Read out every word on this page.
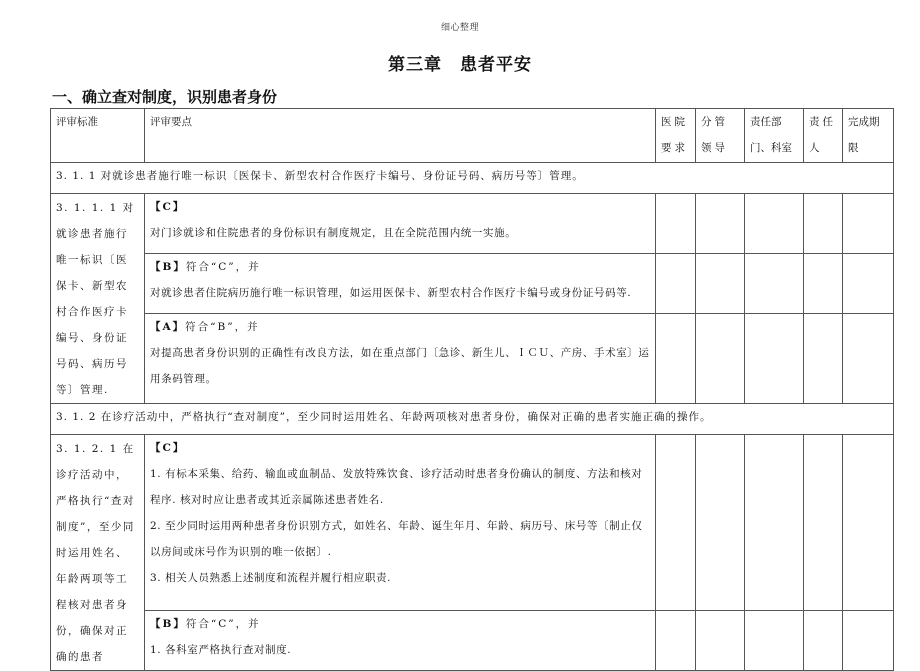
细心整理
第三章　患者平安
一、确立查对制度，识别患者身份
评审标准	评审要点	医院要求	分管领导	责任部门、科室	责任人	完成期限
3. 1. 1 对就诊患者施行唯一标识〔医保卡、新型农村合作医疗卡编号、身份证号码、病历号等〕管理。						
3. 1. 1. 1 对就诊患者施行唯一标识〔医保卡、新型农村合作医疗卡编号、身份证号码、病历号等〕管理.	【C】
对门诊就诊和住院患者的身份标识有制度规定，且在全院范围内统一实施。					

	【B】符合“C”，并
对就诊患者住院病历施行唯一标识管理，如运用医保卡、新型农村合作医疗卡编号或身份证号码等.					

	【A】符合“B”，并
对提高患者身份识别的正确性有改良方法，如在重点部门〔急诊、新生儿、ＩＣＵ、产房、手术室〕运用条码管理。					

3. 1. 2 在诊疗活动中，严格执行“查对制度”，至少同时运用姓名、年龄两项核对患者身份，确保对正确的患者实施正确的操作。						
3. 1. 2. 1 在诊疗活动中，严格执行“查对制度”，至少同时运用姓名、年龄两项等工程核对患者身份，确保对正确的患者	【C】
1. 有标本采集、给药、输血或血制品、发放特殊饮食、诊疗活动时患者身份确认的制度、方法和核对程序. 核对时应让患者或其近亲属陈述患者姓名.
2. 至少同时运用两种患者身份识别方式，如姓名、年龄、诞生年月、年龄、病历号、床号等〔制止仅以房间或床号作为识别的唯一依据〕.
3. 相关人员熟悉上述制度和流程并履行相应职责.					

	【B】符合“C”，并
1. 各科室严格执行查对制度.					
